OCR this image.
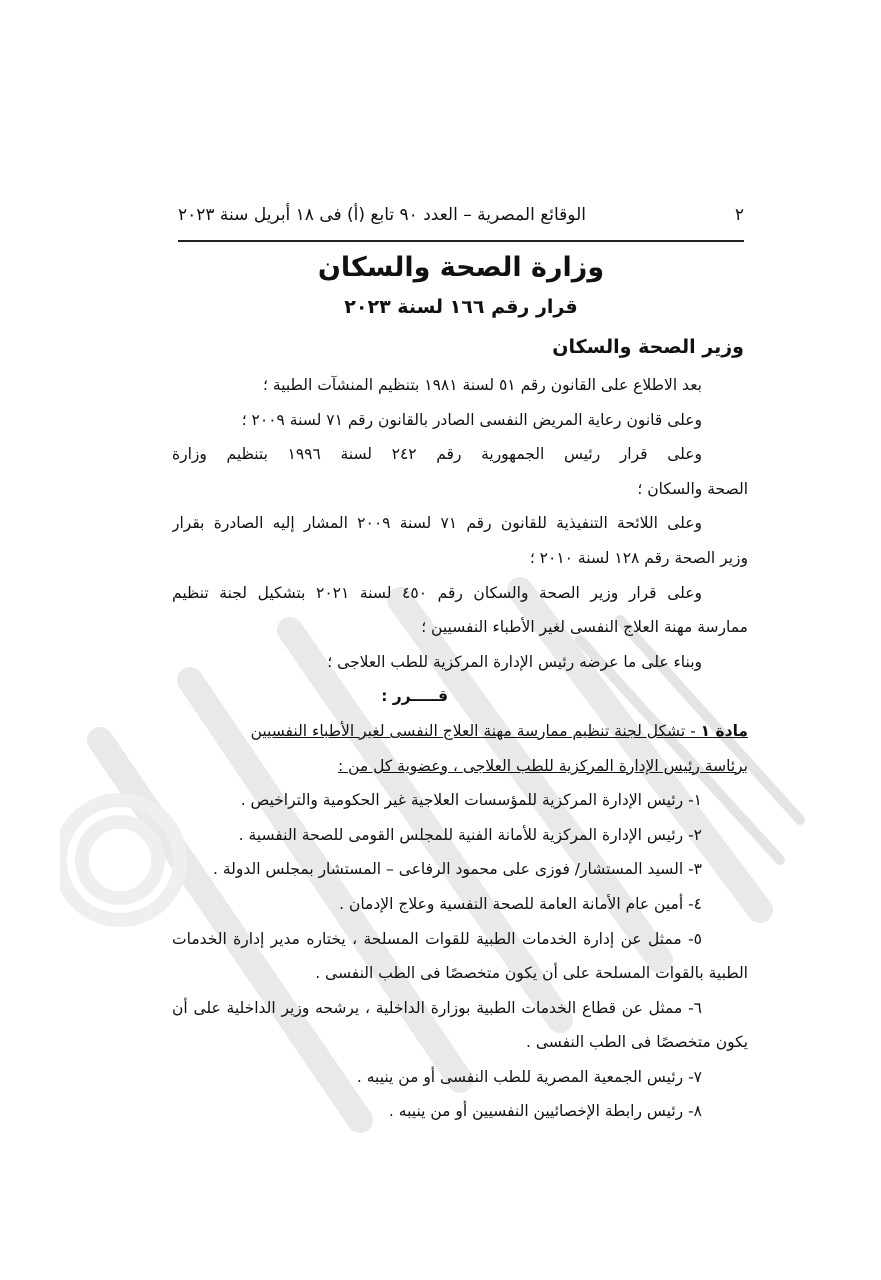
٢
الوقائع المصرية – العدد ٩٠ تابع (أ) فى ١٨ أبريل سنة ٢٠٢٣
وزارة الصحة والسكان
قرار رقم ١٦٦ لسنة ٢٠٢٣
وزير الصحة والسكان
بعد الاطلاع على القانون رقم ٥١ لسنة ١٩٨١ بتنظيم المنشآت الطبية ؛
وعلى قانون رعاية المريض النفسى الصادر بالقانون رقم ٧١ لسنة ٢٠٠٩ ؛
وعلى قرار رئيس الجمهورية رقم ٢٤٢ لسنة ١٩٩٦ بتنظيم وزارة
الصحة والسكان ؛
وعلى اللائحة التنفيذية للقانون رقم ٧١ لسنة ٢٠٠٩ المشار إليه الصادرة بقرار
وزير الصحة رقم ١٢٨ لسنة ٢٠١٠ ؛
وعلى قرار وزير الصحة والسكان رقم ٤٥٠ لسنة ٢٠٢١ بتشكيل لجنة تنظيم
ممارسة مهنة العلاج النفسى لغير الأطباء النفسيين ؛
وبناء على ما عرضه رئيس الإدارة المركزية للطب العلاجى ؛
قـــــرر :
مادة ١ - تشكل لجنة تنظيم ممارسة مهنة العلاج النفسى لغير الأطباء النفسيين
برئاسة رئيس الإدارة المركزية للطب العلاجى ، وعضوية كل من :
١- رئيس الإدارة المركزية للمؤسسات العلاجية غير الحكومية والتراخيص .
٢- رئيس الإدارة المركزية للأمانة الفنية للمجلس القومى للصحة النفسية .
٣- السيد المستشار/ فوزى على محمود الرفاعى – المستشار بمجلس الدولة .
٤- أمين عام الأمانة العامة للصحة النفسية وعلاج الإدمان .
٥- ممثل عن إدارة الخدمات الطبية للقوات المسلحة ، يختاره مدير إدارة الخدمات
الطبية بالقوات المسلحة على أن يكون متخصصًا فى الطب النفسى .
٦- ممثل عن قطاع الخدمات الطبية بوزارة الداخلية ، يرشحه وزير الداخلية على أن
يكون متخصصًا فى الطب النفسى .
٧- رئيس الجمعية المصرية للطب النفسى أو من ينيبه .
٨- رئيس رابطة الإخصائيين النفسيين أو من ينيبه .
